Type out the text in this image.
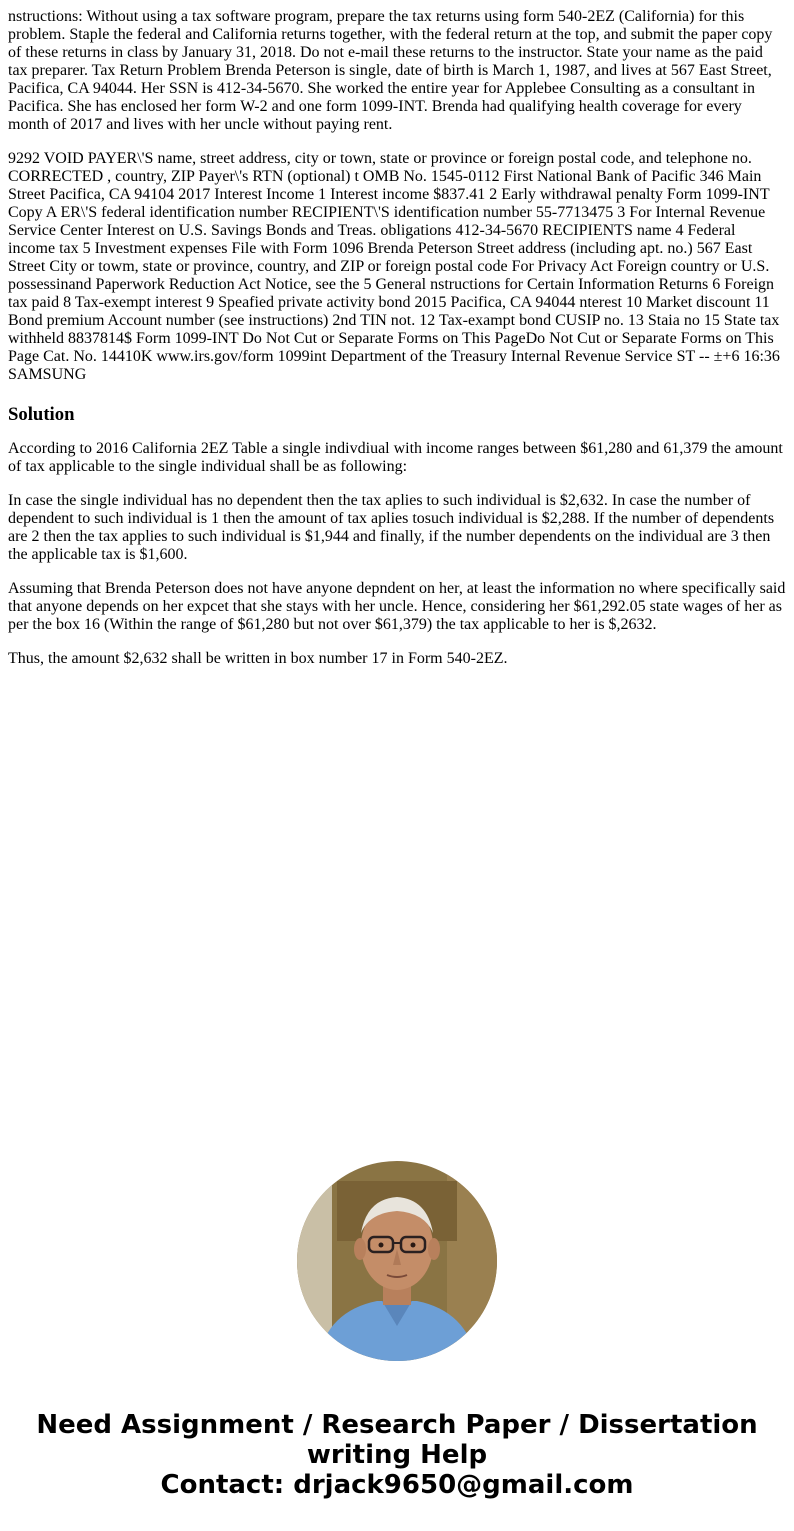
nstructions: Without using a tax software program, prepare the tax returns using form 540-2EZ (California) for this problem. Staple the federal and California returns together, with the federal return at the top, and submit the paper copy of these returns in class by January 31, 2018. Do not e-mail these returns to the instructor. State your name as the paid tax preparer. Tax Return Problem Brenda Peterson is single, date of birth is March 1, 1987, and lives at 567 East Street, Pacifica, CA 94044. Her SSN is 412-34-5670. She worked the entire year for Applebee Consulting as a consultant in Pacifica. She has enclosed her form W-2 and one form 1099-INT. Brenda had qualifying health coverage for every month of 2017 and lives with her uncle without paying rent.

9292 VOID PAYER\'S name, street address, city or town, state or province or foreign postal code, and telephone no. CORRECTED , country, ZIP Payer\'s RTN (optional) t OMB No. 1545-0112 First National Bank of Pacific 346 Main Street Pacifica, CA 94104 2017 Interest Income 1 Interest income $837.41 2 Early withdrawal penalty Form 1099-INT Copy A ER\'S federal identification number RECIPIENT\'S identification number 55-7713475 3 For Internal Revenue Service Center Interest on U.S. Savings Bonds and Treas. obligations 412-34-5670 RECIPIENTS name 4 Federal income tax 5 Investment expenses File with Form 1096 Brenda Peterson Street address (including apt. no.) 567 East Street City or towm, state or province, country, and ZIP or foreign postal code For Privacy Act Foreign country or U.S. possessinand Paperwork Reduction Act Notice, see the 5 General nstructions for Certain Information Returns 6 Foreign tax paid 8 Tax-exempt interest 9 Speafied private activity bond 2015 Pacifica, CA 94044 nterest 10 Market discount 11 Bond premium Account number (see instructions) 2nd TIN not. 12 Tax-exampt bond CUSIP no. 13 Staia no 15 State tax withheld 8837814$ Form 1099-INT Do Not Cut or Separate Forms on This PageDo Not Cut or Separate Forms on This Page Cat. No. 14410K www.irs.gov/form 1099int Department of the Treasury Internal Revenue Service ST -- ±+6 16:36 SAMSUNG

Solution

According to 2016 California 2EZ Table a single indivdiual with income ranges between $61,280 and 61,379 the amount of tax applicable to the single individual shall be as following:

In case the single individual has no dependent then the tax aplies to such individual is $2,632. In case the number of dependent to such individual is 1 then the amount of tax aplies tosuch individual is $2,288. If the number of dependents are 2 then the tax applies to such individual is $1,944 and finally, if the number dependents on the individual are 3 then the applicable tax is $1,600.

Assuming that Brenda Peterson does not have anyone depndent on her, at least the information no where specifically said that anyone depends on her expcet that she stays with her uncle. Hence, considering her $61,292.05 state wages of her as per the box 16 (Within the range of $61,280 but not over $61,379) the tax applicable to her is $,2632.

Thus, the amount $2,632 shall be written in box number 17 in Form 540-2EZ.

Need Assignment / Research Paper / Dissertation
writing Help
Contact: drjack9650@gmail.com
